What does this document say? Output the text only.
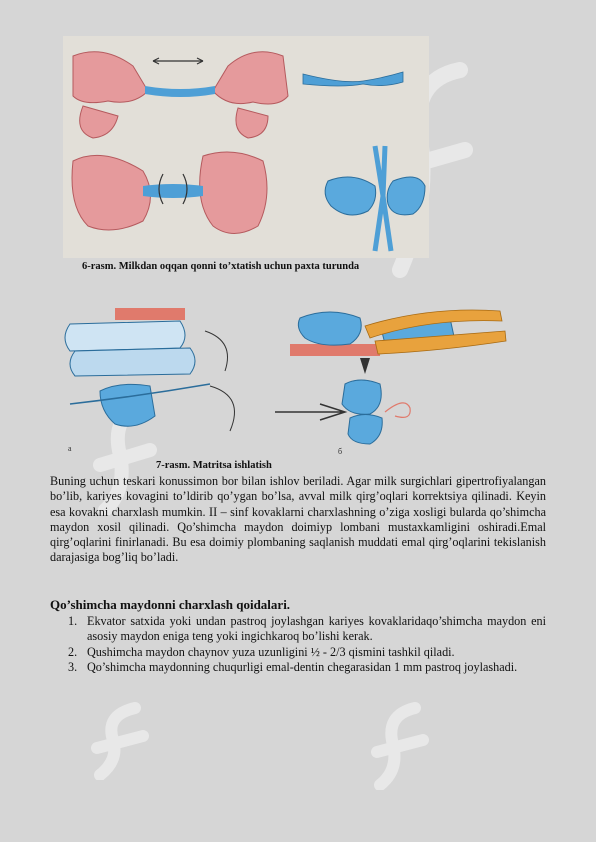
6-rasm. Milkdan oqqan qonni to’xtatish uchun paxta turunda
a	б
7-rasm. Matritsa ishlatish

Buning uchun teskari konussimon bor bilan ishlov beriladi. Agar milk surgichlari gipertrofiyalangan bo’lib, kariyes kovagini to’ldirib qo’ygan bo’lsa, avval milk qirg’oqlari korrektsiya qilinadi. Keyin esa kovakni charxlash mumkin. II – sinf kovaklarni charxlashning o’ziga xosligi bularda qo’shimcha maydon xosil qilinadi. Qo’shimcha maydon doimiyp lombani mustaxkamligini oshiradi.Emal qirg’oqlarini finirlanadi. Bu esa doimiy plombaning saqlanish muddati emal qirg’oqlarini tekislanish darajasiga bog’liq bo’ladi.

Qo’shimcha maydonni charxlash qoidalari.

1. Ekvator satxida yoki undan pastroq joylashgan kariyes kovaklaridaqo’shimcha maydon eni asosiy maydon eniga teng yoki ingichkaroq bo’lishi kerak.
2. Qushimcha maydon chaynov yuza uzunligini ½ - 2/3 qismini tashkil qiladi.
3. Qo’shimcha maydonning chuqurligi emal-dentin chegarasidan 1 mm pastroq joylashadi.
